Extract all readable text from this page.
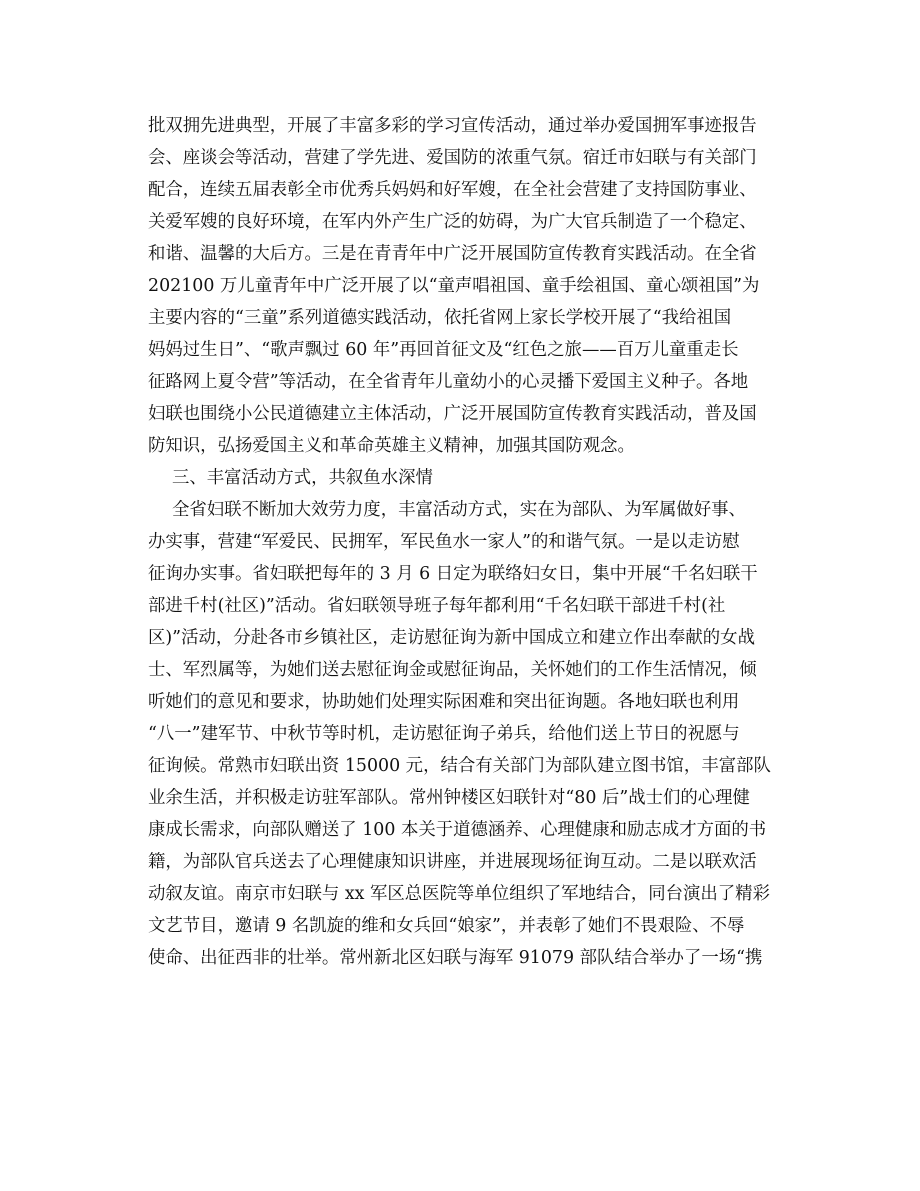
批双拥先进典型，开展了丰富多彩的学习宣传活动，通过举办爱国拥军事迹报告
会、座谈会等活动，营建了学先进、爱国防的浓重气氛。宿迁市妇联与有关部门
配合，连续五届表彰全市优秀兵妈妈和好军嫂，在全社会营建了支持国防事业、
关爱军嫂的良好环境，在军内外产生广泛的妨碍，为广大官兵制造了一个稳定、
和谐、温馨的大后方。三是在青青年中广泛开展国防宣传教育实践活动。在全省
202100 万儿童青年中广泛开展了以“童声唱祖国、童手绘祖国、童心颂祖国”为
主要内容的“三童”系列道德实践活动，依托省网上家长学校开展了“我给祖国
妈妈过生日”、“歌声飘过 60 年”再回首征文及“红色之旅——百万儿童重走长
征路网上夏令营”等活动，在全省青年儿童幼小的心灵播下爱国主义种子。各地
妇联也围绕小公民道德建立主体活动，广泛开展国防宣传教育实践活动，普及国
防知识，弘扬爱国主义和革命英雄主义精神，加强其国防观念。
三、丰富活动方式，共叙鱼水深情
全省妇联不断加大效劳力度，丰富活动方式，实在为部队、为军属做好事、
办实事，营建“军爱民、民拥军，军民鱼水一家人”的和谐气氛。一是以走访慰
征询办实事。省妇联把每年的 3 月 6 日定为联络妇女日，集中开展“千名妇联干
部进千村(社区)”活动。省妇联领导班子每年都利用“千名妇联干部进千村(社
区)”活动，分赴各市乡镇社区，走访慰征询为新中国成立和建立作出奉献的女战
士、军烈属等，为她们送去慰征询金或慰征询品，关怀她们的工作生活情况，倾
听她们的意见和要求，协助她们处理实际困难和突出征询题。各地妇联也利用
“八一”建军节、中秋节等时机，走访慰征询子弟兵，给他们送上节日的祝愿与
征询候。常熟市妇联出资 15000 元，结合有关部门为部队建立图书馆，丰富部队
业余生活，并积极走访驻军部队。常州钟楼区妇联针对“80 后”战士们的心理健
康成长需求，向部队赠送了 100 本关于道德涵养、心理健康和励志成才方面的书
籍，为部队官兵送去了心理健康知识讲座，并进展现场征询互动。二是以联欢活
动叙友谊。南京市妇联与 xx 军区总医院等单位组织了军地结合，同台演出了精彩
文艺节目，邀请 9 名凯旋的维和女兵回“娘家”，并表彰了她们不畏艰险、不辱
使命、出征西非的壮举。常州新北区妇联与海军 91079 部队结合举办了一场“携
